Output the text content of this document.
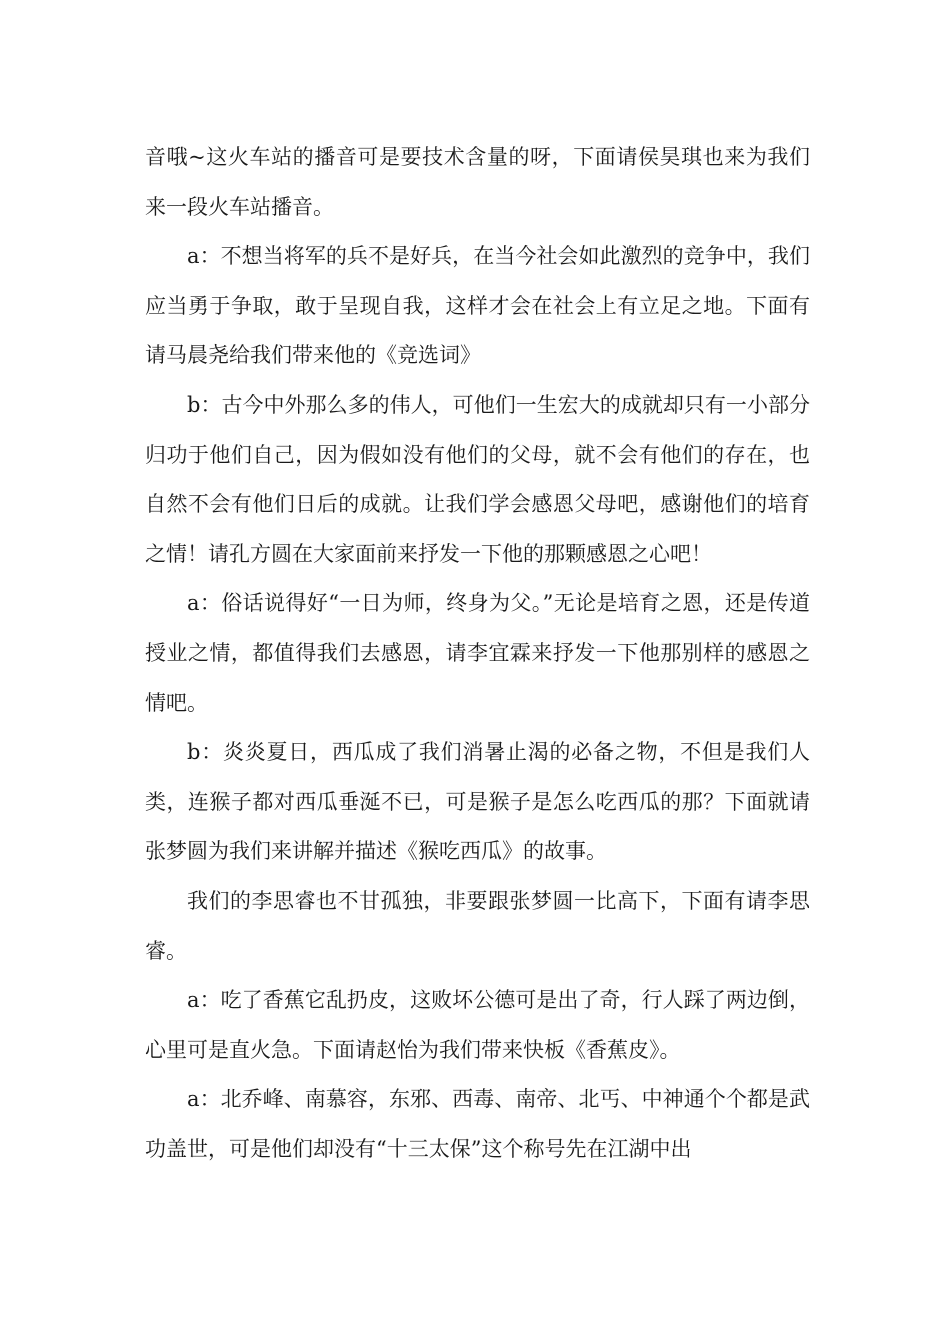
音哦~这火车站的播音可是要技术含量的呀，下面请侯昊琪也来为我们来一段火车站播音。

a：不想当将军的兵不是好兵，在当今社会如此激烈的竞争中，我们应当勇于争取，敢于呈现自我，这样才会在社会上有立足之地。下面有请马晨尧给我们带来他的《竞选词》

b：古今中外那么多的伟人，可他们一生宏大的成就却只有一小部分归功于他们自己，因为假如没有他们的父母，就不会有他们的存在，也自然不会有他们日后的成就。让我们学会感恩父母吧，感谢他们的培育之情！请孔方圆在大家面前来抒发一下他的那颗感恩之心吧！

a：俗话说得好“一日为师，终身为父。”无论是培育之恩，还是传道授业之情，都值得我们去感恩，请李宜霖来抒发一下他那别样的感恩之情吧。

b：炎炎夏日，西瓜成了我们消暑止渴的必备之物，不但是我们人类，连猴子都对西瓜垂涎不已，可是猴子是怎么吃西瓜的那？下面就请张梦圆为我们来讲解并描述《猴吃西瓜》的故事。

我们的李思睿也不甘孤独，非要跟张梦圆一比高下，下面有请李思睿。

a：吃了香蕉它乱扔皮，这败坏公德可是出了奇，行人踩了两边倒，心里可是直火急。下面请赵怡为我们带来快板《香蕉皮》。

a：北乔峰、南慕容，东邪、西毒、南帝、北丐、中神通个个都是武功盖世，可是他们却没有“十三太保”这个称号先在江湖中出
